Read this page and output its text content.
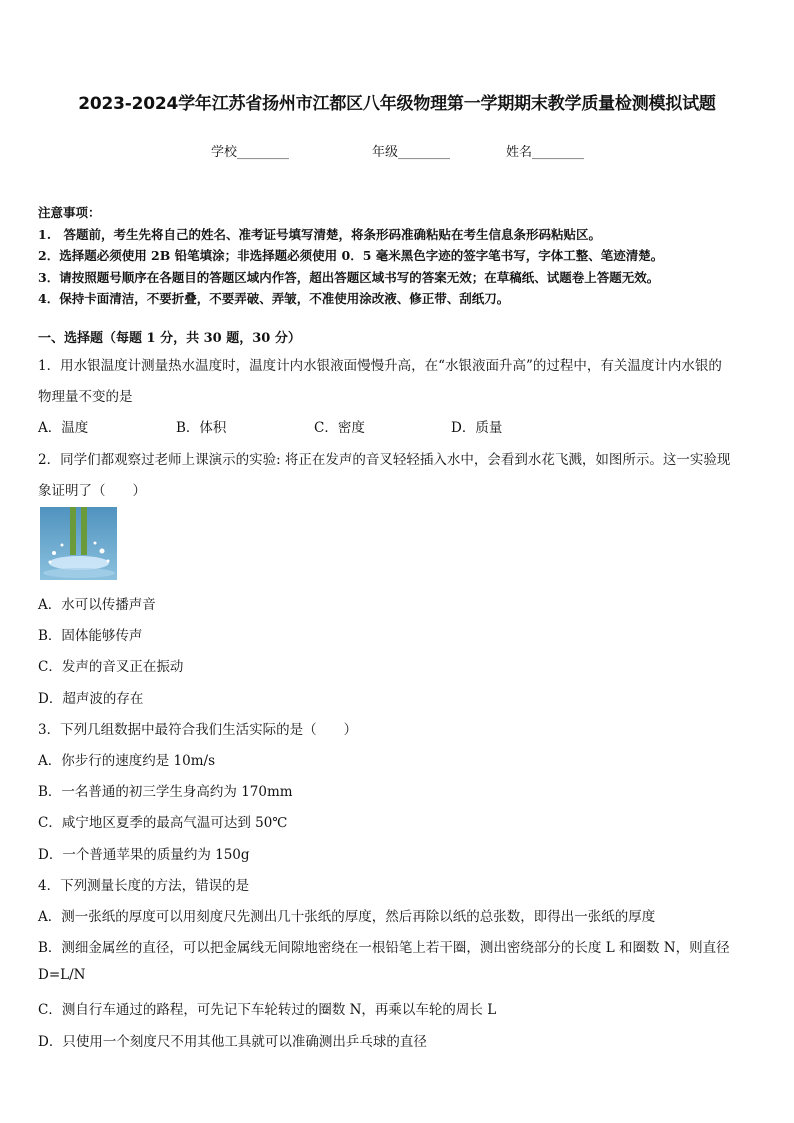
2023-2024学年江苏省扬州市江都区八年级物理第一学期期末教学质量检测模拟试题
学校________	年级________	姓名________
注意事项：
1.　答题前，考生先将自己的姓名、准考证号填写清楚，将条形码准确粘贴在考生信息条形码粘贴区。
2．选择题必须使用 2B 铅笔填涂；非选择题必须使用 0．5 毫米黑色字迹的签字笔书写，字体工整、笔迹清楚。
3．请按照题号顺序在各题目的答题区域内作答，超出答题区域书写的答案无效；在草稿纸、试题卷上答题无效。
4．保持卡面清洁，不要折叠，不要弄破、弄皱，不准使用涂改液、修正带、刮纸刀。
一、选择题（每题 1 分，共 30 题，30 分）
1．用水银温度计测量热水温度时，温度计内水银液面慢慢升高，在“水银液面升高”的过程中，有关温度计内水银的
物理量不变的是
A．温度	B．体积	C．密度	D．质量
2．同学们都观察过老师上课演示的实验: 将正在发声的音叉轻轻插入水中，会看到水花飞溅，如图所示。这一实验现
象证明了（　　）
A．水可以传播声音
B．固体能够传声
C．发声的音叉正在振动
D．超声波的存在
3．下列几组数据中最符合我们生活实际的是（　　）
A．你步行的速度约是 10m/s
B．一名普通的初三学生身高约为 170mm
C．咸宁地区夏季的最高气温可达到 50℃
D．一个普通苹果的质量约为 150g
4．下列测量长度的方法，错误的是
A．测一张纸的厚度可以用刻度尺先测出几十张纸的厚度，然后再除以纸的总张数，即得出一张纸的厚度
B．测细金属丝的直径，可以把金属线无间隙地密绕在一根铅笔上若干圈，测出密绕部分的长度 L 和圈数 N，则直径
D=L/N
C．测自行车通过的路程，可先记下车轮转过的圈数 N，再乘以车轮的周长 L
D．只使用一个刻度尺不用其他工具就可以准确测出乒乓球的直径
